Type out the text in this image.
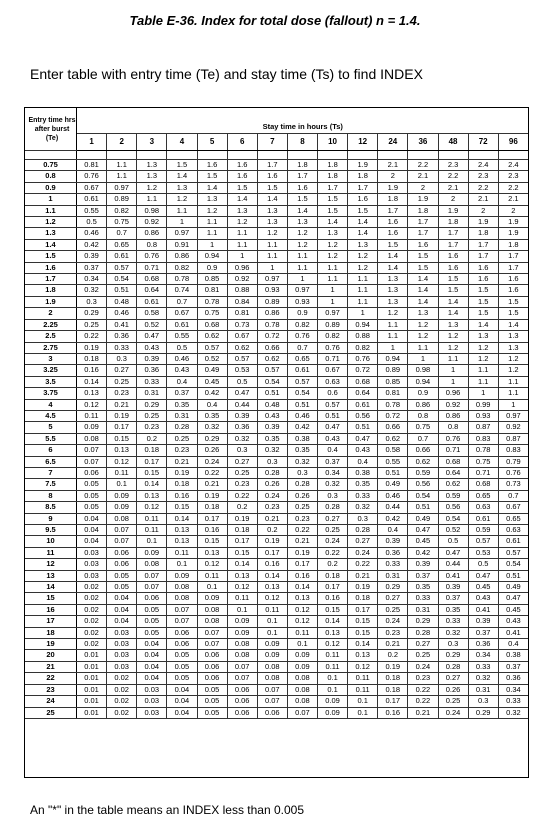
Table E-36. Index for total dose (fallout) n = 1.4.
Enter table with entry time (Te) and stay time (Ts) to find INDEX
Entry time hrs after burst (Te)	Stay time in hours (Ts)														
	1	2	3	4	5	6	7	8	10	12	24	36	48	72	96

0.75	0.81	1.1	1.3	1.5	1.6	1.6	1.7	1.8	1.8	1.9	2.1	2.2	2.3	2.4	2.4
0.8	0.76	1.1	1.3	1.4	1.5	1.6	1.6	1.7	1.8	1.8	2	2.1	2.2	2.3	2.3
0.9	0.67	0.97	1.2	1.3	1.4	1.5	1.5	1.6	1.7	1.7	1.9	2	2.1	2.2	2.2
1	0.61	0.89	1.1	1.2	1.3	1.4	1.4	1.5	1.5	1.6	1.8	1.9	2	2.1	2.1
1.1	0.55	0.82	0.98	1.1	1.2	1.3	1.3	1.4	1.5	1.5	1.7	1.8	1.9	2	2
1.2	0.5	0.75	0.92	1	1.1	1.2	1.3	1.3	1.4	1.4	1.6	1.7	1.8	1.9	1.9
1.3	0.46	0.7	0.86	0.97	1.1	1.1	1.2	1.2	1.3	1.4	1.6	1.7	1.7	1.8	1.9
1.4	0.42	0.65	0.8	0.91	1	1.1	1.1	1.2	1.2	1.3	1.5	1.6	1.7	1.7	1.8
1.5	0.39	0.61	0.76	0.86	0.94	1	1.1	1.1	1.2	1.2	1.4	1.5	1.6	1.7	1.7
1.6	0.37	0.57	0.71	0.82	0.9	0.96	1	1.1	1.1	1.2	1.4	1.5	1.6	1.6	1.7
1.7	0.34	0.54	0.68	0.78	0.85	0.92	0.97	1	1.1	1.1	1.3	1.4	1.5	1.6	1.6
1.8	0.32	0.51	0.64	0.74	0.81	0.88	0.93	0.97	1	1.1	1.3	1.4	1.5	1.5	1.6
1.9	0.3	0.48	0.61	0.7	0.78	0.84	0.89	0.93	1	1.1	1.3	1.4	1.4	1.5	1.5
2	0.29	0.46	0.58	0.67	0.75	0.81	0.86	0.9	0.97	1	1.2	1.3	1.4	1.5	1.5
2.25	0.25	0.41	0.52	0.61	0.68	0.73	0.78	0.82	0.89	0.94	1.1	1.2	1.3	1.4	1.4
2.5	0.22	0.36	0.47	0.55	0.62	0.67	0.72	0.76	0.82	0.88	1.1	1.2	1.2	1.3	1.3
2.75	0.19	0.33	0.43	0.5	0.57	0.62	0.66	0.7	0.76	0.82	1	1.1	1.2	1.2	1.3
3	0.18	0.3	0.39	0.46	0.52	0.57	0.62	0.65	0.71	0.76	0.94	1	1.1	1.2	1.2
3.25	0.16	0.27	0.36	0.43	0.49	0.53	0.57	0.61	0.67	0.72	0.89	0.98	1	1.1	1.2
3.5	0.14	0.25	0.33	0.4	0.45	0.5	0.54	0.57	0.63	0.68	0.85	0.94	1	1.1	1.1
3.75	0.13	0.23	0.31	0.37	0.42	0.47	0.51	0.54	0.6	0.64	0.81	0.9	0.96	1	1.1
4	0.12	0.21	0.29	0.35	0.4	0.44	0.48	0.51	0.57	0.61	0.78	0.86	0.92	0.99	1
4.5	0.11	0.19	0.25	0.31	0.35	0.39	0.43	0.46	0.51	0.56	0.72	0.8	0.86	0.93	0.97
5	0.09	0.17	0.23	0.28	0.32	0.36	0.39	0.42	0.47	0.51	0.66	0.75	0.8	0.87	0.92
5.5	0.08	0.15	0.2	0.25	0.29	0.32	0.35	0.38	0.43	0.47	0.62	0.7	0.76	0.83	0.87
6	0.07	0.13	0.18	0.23	0.26	0.3	0.32	0.35	0.4	0.43	0.58	0.66	0.71	0.78	0.83
6.5	0.07	0.12	0.17	0.21	0.24	0.27	0.3	0.32	0.37	0.4	0.55	0.62	0.68	0.75	0.79
7	0.06	0.11	0.15	0.19	0.22	0.25	0.28	0.3	0.34	0.38	0.51	0.59	0.64	0.71	0.76
7.5	0.05	0.1	0.14	0.18	0.21	0.23	0.26	0.28	0.32	0.35	0.49	0.56	0.62	0.68	0.73
8	0.05	0.09	0.13	0.16	0.19	0.22	0.24	0.26	0.3	0.33	0.46	0.54	0.59	0.65	0.7
8.5	0.05	0.09	0.12	0.15	0.18	0.2	0.23	0.25	0.28	0.32	0.44	0.51	0.56	0.63	0.67
9	0.04	0.08	0.11	0.14	0.17	0.19	0.21	0.23	0.27	0.3	0.42	0.49	0.54	0.61	0.65
9.5	0.04	0.07	0.11	0.13	0.16	0.18	0.2	0.22	0.25	0.28	0.4	0.47	0.52	0.59	0.63
10	0.04	0.07	0.1	0.13	0.15	0.17	0.19	0.21	0.24	0.27	0.39	0.45	0.5	0.57	0.61
11	0.03	0.06	0.09	0.11	0.13	0.15	0.17	0.19	0.22	0.24	0.36	0.42	0.47	0.53	0.57
12	0.03	0.06	0.08	0.1	0.12	0.14	0.16	0.17	0.2	0.22	0.33	0.39	0.44	0.5	0.54
13	0.03	0.05	0.07	0.09	0.11	0.13	0.14	0.16	0.18	0.21	0.31	0.37	0.41	0.47	0.51
14	0.02	0.05	0.07	0.08	0.1	0.12	0.13	0.14	0.17	0.19	0.29	0.35	0.39	0.45	0.49
15	0.02	0.04	0.06	0.08	0.09	0.11	0.12	0.13	0.16	0.18	0.27	0.33	0.37	0.43	0.47
16	0.02	0.04	0.05	0.07	0.08	0.1	0.11	0.12	0.15	0.17	0.25	0.31	0.35	0.41	0.45
17	0.02	0.04	0.05	0.07	0.08	0.09	0.1	0.12	0.14	0.15	0.24	0.29	0.33	0.39	0.43
18	0.02	0.03	0.05	0.06	0.07	0.09	0.1	0.11	0.13	0.15	0.23	0.28	0.32	0.37	0.41
19	0.02	0.03	0.04	0.06	0.07	0.08	0.09	0.1	0.12	0.14	0.21	0.27	0.3	0.36	0.4
20	0.01	0.03	0.04	0.05	0.06	0.08	0.09	0.09	0.11	0.13	0.2	0.25	0.29	0.34	0.38
21	0.01	0.03	0.04	0.05	0.06	0.07	0.08	0.09	0.11	0.12	0.19	0.24	0.28	0.33	0.37
22	0.01	0.02	0.04	0.05	0.06	0.07	0.08	0.08	0.1	0.11	0.18	0.23	0.27	0.32	0.36
23	0.01	0.02	0.03	0.04	0.05	0.06	0.07	0.08	0.1	0.11	0.18	0.22	0.26	0.31	0.34
24	0.01	0.02	0.03	0.04	0.05	0.06	0.07	0.08	0.09	0.1	0.17	0.22	0.25	0.3	0.33
25	0.01	0.02	0.03	0.04	0.05	0.06	0.06	0.07	0.09	0.1	0.16	0.21	0.24	0.29	0.32
An "*" in the table means an INDEX less than 0.005
